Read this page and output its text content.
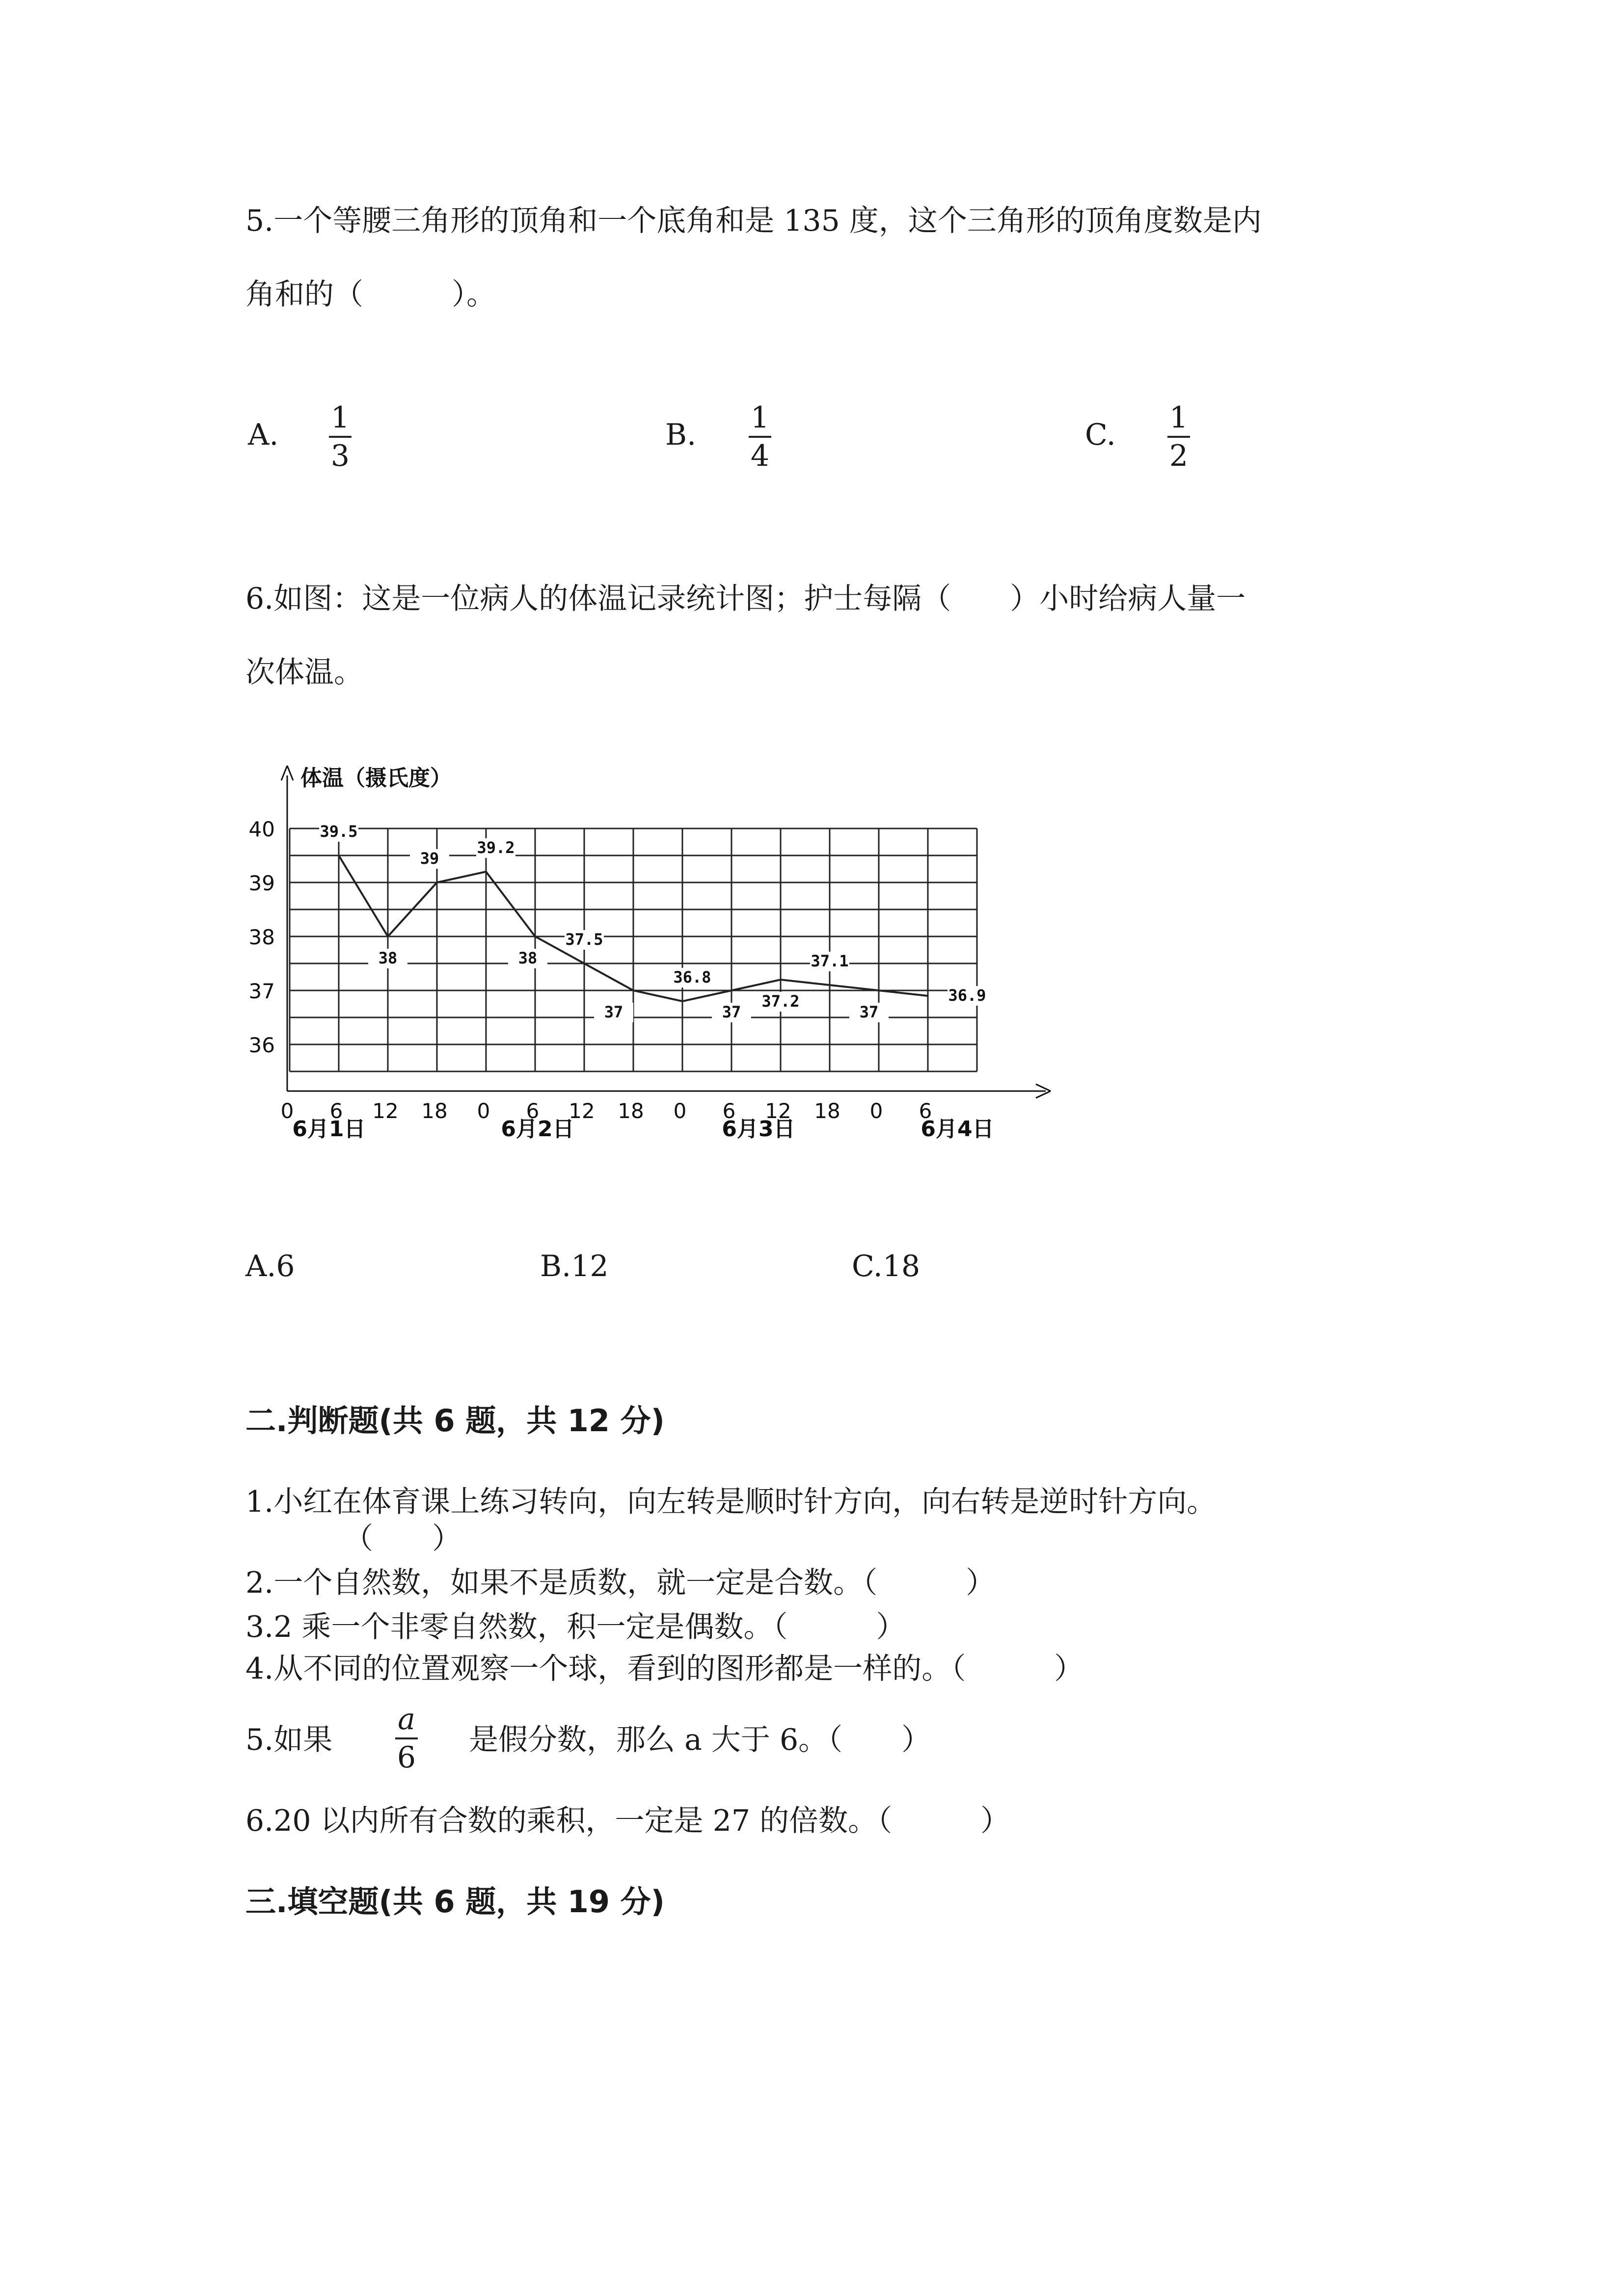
5.一个等腰三角形的顶角和一个底角和是 135 度，这个三角形的顶角度数是内
角和的（　　　）。
A. 1
3
B. 1
4
C. 1
2
6.如图：这是一位病人的体温记录统计图；护士每隔（　　）小时给病人量一
次体温。
36
37
38
39
40
0 6 12 18 0 6 12 18 0 6 12 18 0 6
6月1日	6月2日	6月3日	6月4日
39.5
38
39
39.2
38
37.5
37
36.8
37
37.2
37.1
37
36.9
体温（摄氏度）
A.6	B.12	C.18
二.判断题(共 6 题，共 12 分)
1.小红在体育课上练习转向，向左转是顺时针方向，向右转是逆时针方向。
（　　）
2.一个自然数，如果不是质数，就一定是合数。（　　　）
3.2 乘一个非零自然数，积一定是偶数。（　　　）
4.从不同的位置观察一个球，看到的图形都是一样的。（　　　）
5.如果
a
6
是假分数，那么 a 大于 6。（　　）
6.20 以内所有合数的乘积，一定是 27 的倍数。（　　　）
三.填空题(共 6 题，共 19 分)
